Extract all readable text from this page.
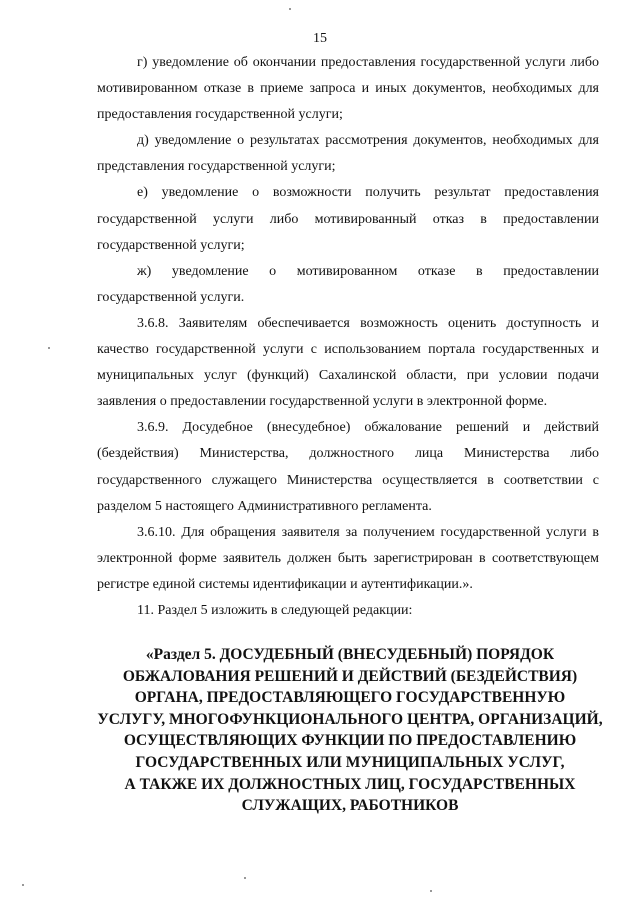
15

г) уведомление об окончании предоставления государственной услуги либо мотивированном отказе в приеме запроса и иных документов, необходимых для предоставления государственной услуги;

д) уведомление о результатах рассмотрения документов, необходимых для представления государственной услуги;

е) уведомление о возможности получить результат предоставления государственной услуги либо мотивированный отказ в предоставлении государственной услуги;

ж) уведомление о мотивированном отказе в предоставлении государственной услуги.

3.6.8. Заявителям обеспечивается возможность оценить доступность и качество государственной услуги с использованием портала государственных и муниципальных услуг (функций) Сахалинской области, при условии подачи заявления о предоставлении государственной услуги в электронной форме.

3.6.9. Досудебное (внесудебное) обжалование решений и действий (бездействия) Министерства, должностного лица Министерства либо государственного служащего Министерства осуществляется в соответствии с разделом 5 настоящего Административного регламента.

3.6.10. Для обращения заявителя за получением государственной услуги в электронной форме заявитель должен быть зарегистрирован в соответствующем регистре единой системы идентификации и аутентификации.».

11. Раздел 5 изложить в следующей редакции:

«Раздел 5. ДОСУДЕБНЫЙ (ВНЕСУДЕБНЫЙ) ПОРЯДОК
ОБЖАЛОВАНИЯ РЕШЕНИЙ И ДЕЙСТВИЙ (БЕЗДЕЙСТВИЯ)
ОРГАНА, ПРЕДОСТАВЛЯЮЩЕГО ГОСУДАРСТВЕННУЮ
УСЛУГУ, МНОГОФУНКЦИОНАЛЬНОГО ЦЕНТРА, ОРГАНИЗАЦИЙ,
ОСУЩЕСТВЛЯЮЩИХ ФУНКЦИИ ПО ПРЕДОСТАВЛЕНИЮ
ГОСУДАРСТВЕННЫХ ИЛИ МУНИЦИПАЛЬНЫХ УСЛУГ,
А ТАКЖЕ ИХ ДОЛЖНОСТНЫХ ЛИЦ, ГОСУДАРСТВЕННЫХ
СЛУЖАЩИХ, РАБОТНИКОВ
